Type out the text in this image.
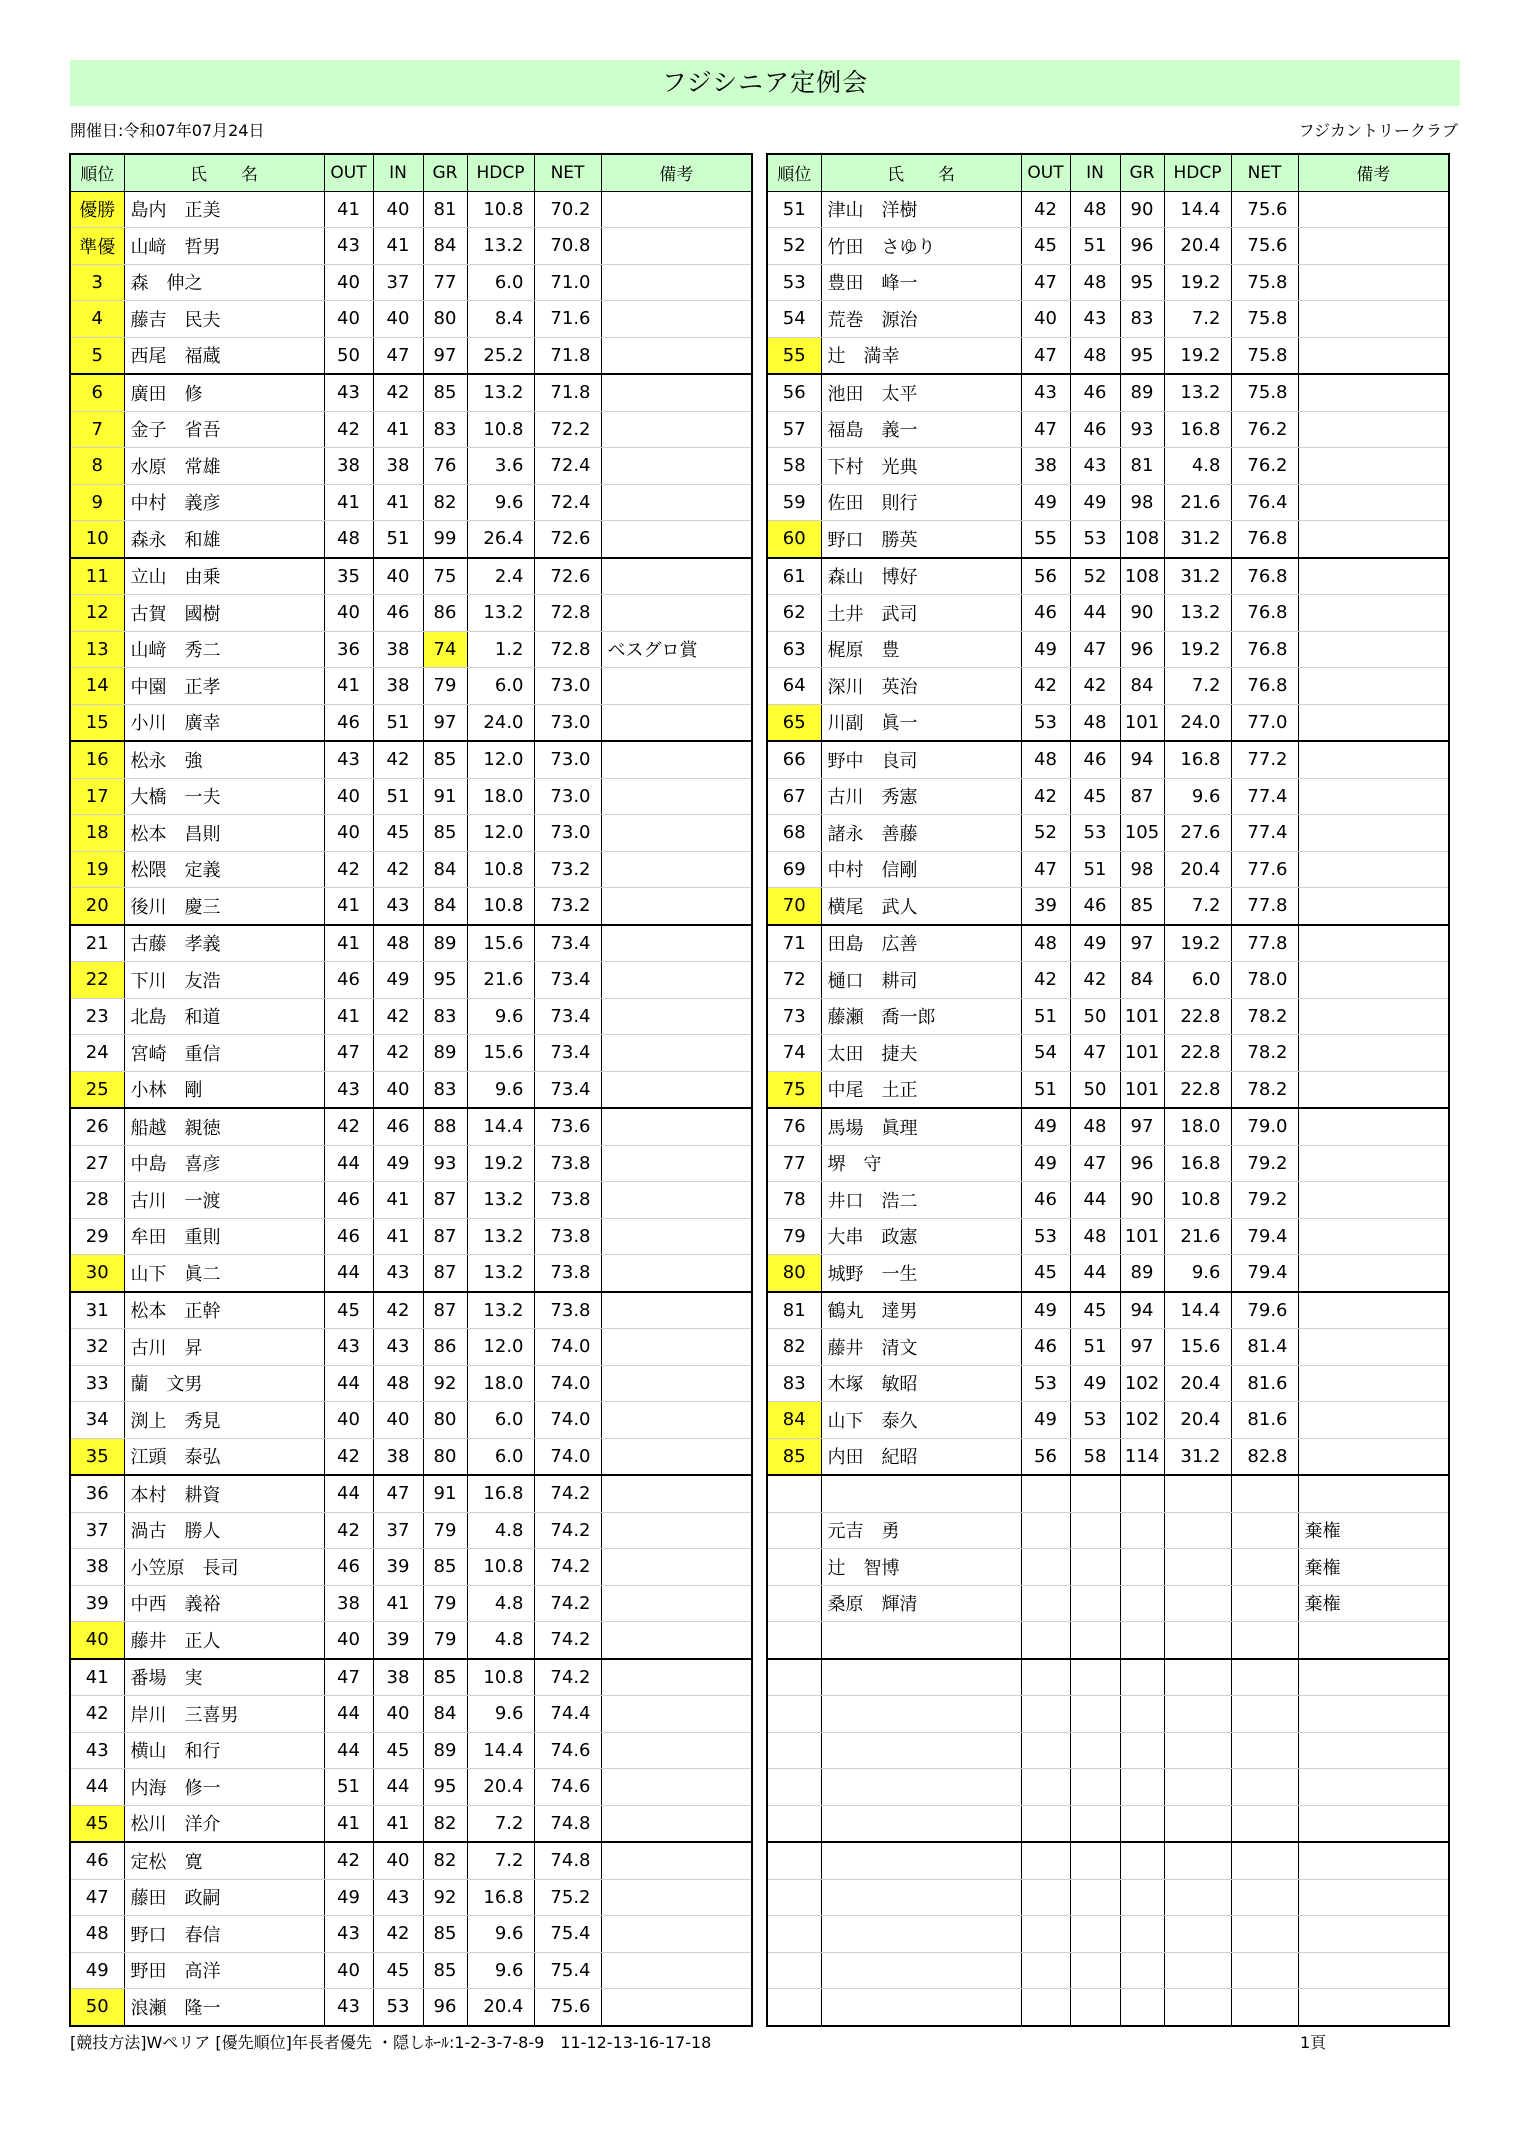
フジシニア定例会
開催日:令和07年07月24日	フジカントリークラブ
順位	氏　　名	OUT	IN	GR	HDCP	NET	備考
優勝	島内　正美	41	40	81	10.8	70.2	
準優	山﨑　哲男	43	41	84	13.2	70.8	
3	森　伸之	40	37	77	6.0	71.0	
4	藤吉　民夫	40	40	80	8.4	71.6	
5	西尾　福蔵	50	47	97	25.2	71.8	
6	廣田　修	43	42	85	13.2	71.8	
7	金子　省吾	42	41	83	10.8	72.2	
8	水原　常雄	38	38	76	3.6	72.4	
9	中村　義彦	41	41	82	9.6	72.4	
10	森永　和雄	48	51	99	26.4	72.6	
11	立山　由乗	35	40	75	2.4	72.6	
12	古賀　國樹	40	46	86	13.2	72.8	
13	山﨑　秀二	36	38	74	1.2	72.8	ベスグロ賞
14	中園　正孝	41	38	79	6.0	73.0	
15	小川　廣幸	46	51	97	24.0	73.0	
16	松永　強	43	42	85	12.0	73.0	
17	大橋　一夫	40	51	91	18.0	73.0	
18	松本　昌則	40	45	85	12.0	73.0	
19	松隈　定義	42	42	84	10.8	73.2	
20	後川　慶三	41	43	84	10.8	73.2	
21	古藤　孝義	41	48	89	15.6	73.4	
22	下川　友浩	46	49	95	21.6	73.4	
23	北島　和道	41	42	83	9.6	73.4	
24	宮崎　重信	47	42	89	15.6	73.4	
25	小林　剛	43	40	83	9.6	73.4	
26	船越　親徳	42	46	88	14.4	73.6	
27	中島　喜彦	44	49	93	19.2	73.8	
28	古川　一渡	46	41	87	13.2	73.8	
29	牟田　重則	46	41	87	13.2	73.8	
30	山下　眞二	44	43	87	13.2	73.8	
31	松本　正幹	45	42	87	13.2	73.8	
32	古川　昇	43	43	86	12.0	74.0	
33	蘭　文男	44	48	92	18.0	74.0	
34	渕上　秀見	40	40	80	6.0	74.0	
35	江頭　泰弘	42	38	80	6.0	74.0	
36	本村　耕資	44	47	91	16.8	74.2	
37	渦古　勝人	42	37	79	4.8	74.2	
38	小笠原　長司	46	39	85	10.8	74.2	
39	中西　義裕	38	41	79	4.8	74.2	
40	藤井　正人	40	39	79	4.8	74.2	
41	番場　実	47	38	85	10.8	74.2	
42	岸川　三喜男	44	40	84	9.6	74.4	
43	横山　和行	44	45	89	14.4	74.6	
44	内海　修一	51	44	95	20.4	74.6	
45	松川　洋介	41	41	82	7.2	74.8	
46	定松　寛	42	40	82	7.2	74.8	
47	藤田　政嗣	49	43	92	16.8	75.2	
48	野口　春信	43	42	85	9.6	75.4	
49	野田　高洋	40	45	85	9.6	75.4	
50	浪瀬　隆一	43	53	96	20.4	75.6	
順位	氏　　名	OUT	IN	GR	HDCP	NET	備考
51	津山　洋樹	42	48	90	14.4	75.6	
52	竹田　さゆり	45	51	96	20.4	75.6	
53	豊田　峰一	47	48	95	19.2	75.8	
54	荒巻　源治	40	43	83	7.2	75.8	
55	辻　満幸	47	48	95	19.2	75.8	
56	池田　太平	43	46	89	13.2	75.8	
57	福島　義一	47	46	93	16.8	76.2	
58	下村　光典	38	43	81	4.8	76.2	
59	佐田　則行	49	49	98	21.6	76.4	
60	野口　勝英	55	53	108	31.2	76.8	
61	森山　博好	56	52	108	31.2	76.8	
62	土井　武司	46	44	90	13.2	76.8	
63	梶原　豊	49	47	96	19.2	76.8	
64	深川　英治	42	42	84	7.2	76.8	
65	川副　眞一	53	48	101	24.0	77.0	
66	野中　良司	48	46	94	16.8	77.2	
67	古川　秀憲	42	45	87	9.6	77.4	
68	諸永　善藤	52	53	105	27.6	77.4	
69	中村　信剛	47	51	98	20.4	77.6	
70	横尾　武人	39	46	85	7.2	77.8	
71	田島　広善	48	49	97	19.2	77.8	
72	樋口　耕司	42	42	84	6.0	78.0	
73	藤瀬　喬一郎	51	50	101	22.8	78.2	
74	太田　捷夫	54	47	101	22.8	78.2	
75	中尾　土正	51	50	101	22.8	78.2	
76	馬場　眞理	49	48	97	18.0	79.0	
77	堺　守	49	47	96	16.8	79.2	
78	井口　浩二	46	44	90	10.8	79.2	
79	大串　政憲	53	48	101	21.6	79.4	
80	城野　一生	45	44	89	9.6	79.4	
81	鶴丸　達男	49	45	94	14.4	79.6	
82	藤井　清文	46	51	97	15.6	81.4	
83	木塚　敏昭	53	49	102	20.4	81.6	
84	山下　泰久	49	53	102	20.4	81.6	
85	内田　紀昭	56	58	114	31.2	82.8	

	元吉　勇						棄権
	辻　智博						棄権
	桑原　輝清						棄権

[競技方法]Wペリア [優先順位]年長者優先 ・隠しﾎｰﾙ:1-2-3-7-8-9　11-12-13-16-17-18	1頁
